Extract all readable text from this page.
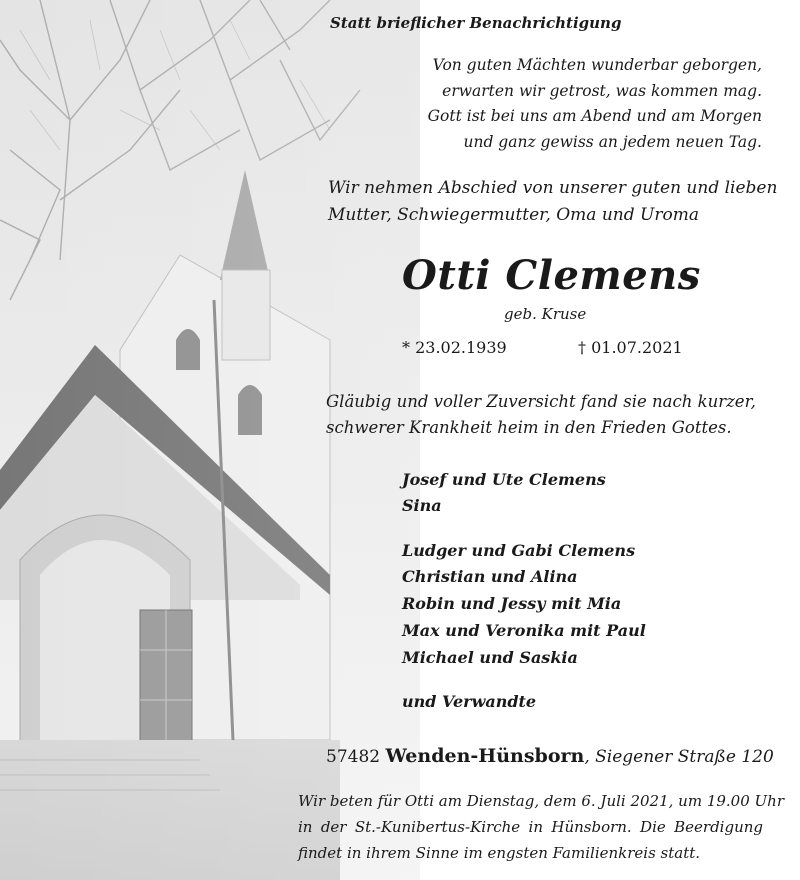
Statt brieflicher Benachrichtigung
Von guten Mächten wunderbar geborgen,
erwarten wir getrost, was kommen mag.
Gott ist bei uns am Abend und am Morgen
und ganz gewiss an jedem neuen Tag.
Wir nehmen Abschied von unserer guten und lieben
Mutter, Schwiegermutter, Oma und Uroma
Otti Clemens
geb. Kruse
* 23.02.1939	† 01.07.2021
Gläubig und voller Zuversicht fand sie nach kurzer,
schwerer Krankheit heim in den Frieden Gottes.
Josef und Ute Clemens
Sina
Ludger und Gabi Clemens
Christian und Alina
Robin und Jessy mit Mia
Max und Veronika mit Paul
Michael und Saskia
und Verwandte
57482 Wenden-Hünsborn, Siegener Straße 120
Wir beten für Otti am Dienstag, dem 6. Juli 2021, um 19.00 Uhr
in der St.-Kunibertus-Kirche in Hünsborn. Die Beerdigung
findet in ihrem Sinne im engsten Familienkreis statt.
